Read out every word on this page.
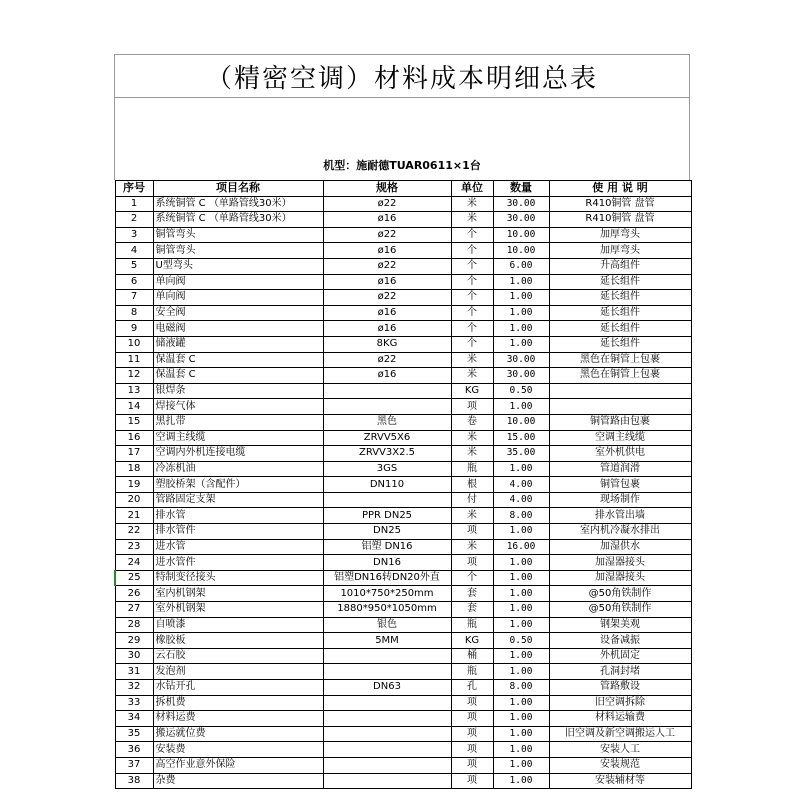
（精密空调）材料成本明细总表
机型：施耐德TUAR0611×1台
序号	项目名称	规格	单位	数量	使 用 说 明
1	系统铜管 C （单路管线30米）	ø22	米	30.00	R410铜管 盘管
2	系统铜管 C （单路管线30米）	ø16	米	30.00	R410铜管 盘管
3	铜管弯头	ø22	个	10.00	加厚弯头
4	铜管弯头	ø16	个	10.00	加厚弯头
5	U型弯头	ø22	个	6.00	升高组件
6	单向阀	ø16	个	1.00	延长组件
7	单向阀	ø22	个	1.00	延长组件
8	安全阀	ø16	个	1.00	延长组件
9	电磁阀	ø16	个	1.00	延长组件
10	储液罐	8KG	个	1.00	延长组件
11	保温套 C	ø22	米	30.00	黑色在铜管上包裹
12	保温套 C	ø16	米	30.00	黑色在铜管上包裹
13	银焊条		KG	0.50	
14	焊接气体		项	1.00	
15	黑扎带	黑色	卷	10.00	铜管路由包裹
16	空调主线缆	ZRVV5X6	米	15.00	空调主线缆
17	空调内外机连接电缆	ZRVV3X2.5	米	35.00	室外机供电
18	冷冻机油	3GS	瓶	1.00	管道润滑
19	塑胶桥架（含配件）	DN110	根	4.00	铜管包裹
20	管路固定支架		付	4.00	现场制作
21	排水管	PPR DN25	米	8.00	排水管出墙
22	排水管件	DN25	项	1.00	室内机冷凝水排出
23	进水管	铝塑 DN16	米	16.00	加湿供水
24	进水管件	DN16	项	1.00	加湿器接头
25	特制变径接头	铝塑DN16转DN20外直	个	1.00	加湿器接头
26	室内机钢架	1010*750*250mm	套	1.00	@50角铁制作
27	室外机钢架	1880*950*1050mm	套	1.00	@50角铁制作
28	自喷漆	银色	瓶	1.00	钢架美观
29	橡胶板	5MM	KG	0.50	设备减振
30	云石胶		桶	1.00	外机固定
31	发泡剂		瓶	1.00	孔洞封堵
32	水钻开孔	DN63	孔	8.00	管路敷设
33	拆机费		项	1.00	旧空调拆除
34	材料运费		项	1.00	材料运输费
35	搬运就位费		项	1.00	旧空调及新空调搬运人工
36	安装费		项	1.00	安装人工
37	高空作业意外保险		项	1.00	安装规范
38	杂费		项	1.00	安装辅材等
